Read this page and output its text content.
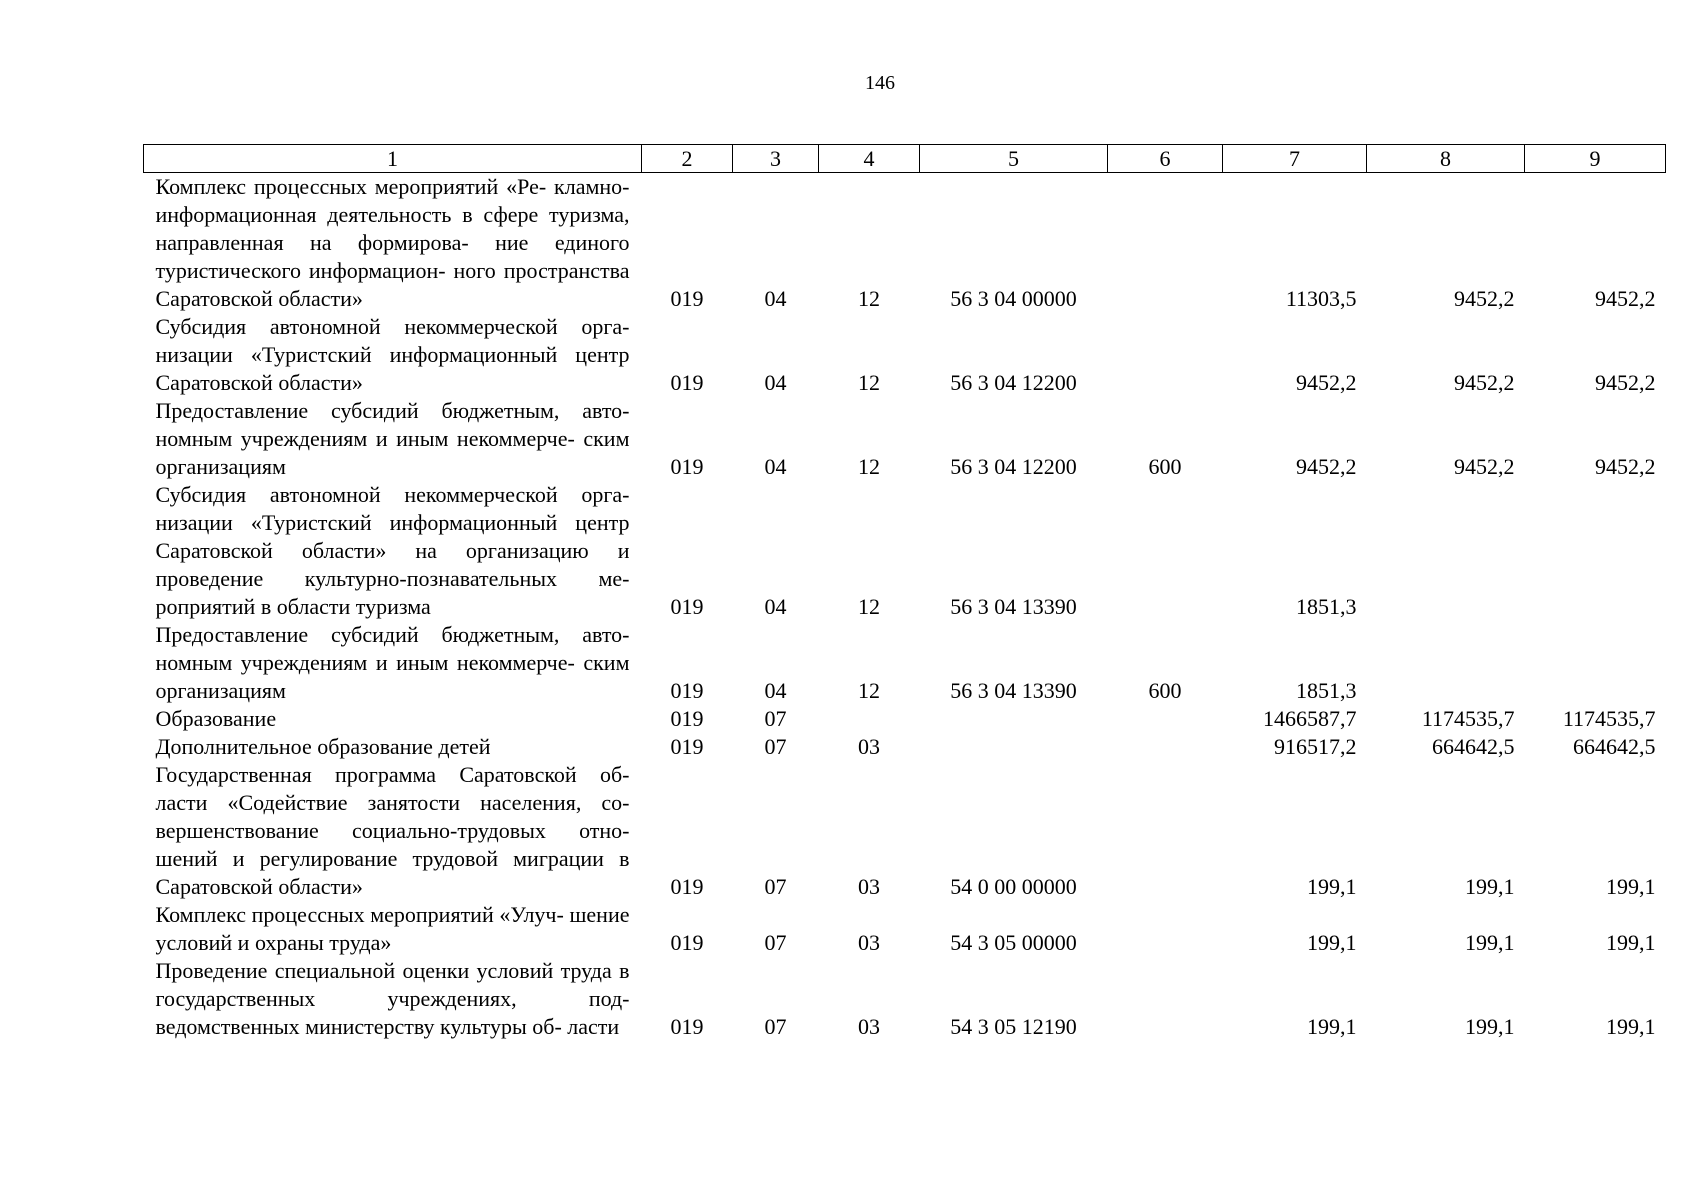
146
1	2	3	4	5	6	7	8	9
Комплекс процессных мероприятий «Ре- кламно-информационная деятельность в сфере туризма, направленная на формирова- ние единого туристического информацион- ного пространства Саратовской области»	019	04	12	56 3 04 00000		11303,5	9452,2	9452,2
Субсидия автономной некоммерческой орга- низации «Туристский информационный центр Саратовской области»	019	04	12	56 3 04 12200		9452,2	9452,2	9452,2
Предоставление субсидий бюджетным, авто- номным учреждениям и иным некоммерче- ским организациям	019	04	12	56 3 04 12200	600	9452,2	9452,2	9452,2
Субсидия автономной некоммерческой орга- низации «Туристский информационный центр Саратовской области» на организацию и проведение культурно-познавательных ме- роприятий в области туризма	019	04	12	56 3 04 13390		1851,3		
Предоставление субсидий бюджетным, авто- номным учреждениям и иным некоммерче- ским организациям	019	04	12	56 3 04 13390	600	1851,3		
Образование	019	07				1466587,7	1174535,7	1174535,7
Дополнительное образование детей	019	07	03			916517,2	664642,5	664642,5
Государственная программа Саратовской об- ласти «Содействие занятости населения, со- вершенствование социально-трудовых отно- шений и регулирование трудовой миграции в Саратовской области»	019	07	03	54 0 00 00000		199,1	199,1	199,1
Комплекс процессных мероприятий «Улуч- шение условий и охраны труда»	019	07	03	54 3 05 00000		199,1	199,1	199,1
Проведение специальной оценки условий труда в государственных учреждениях, под- ведомственных министерству культуры об- ласти	019	07	03	54 3 05 12190		199,1	199,1	199,1
